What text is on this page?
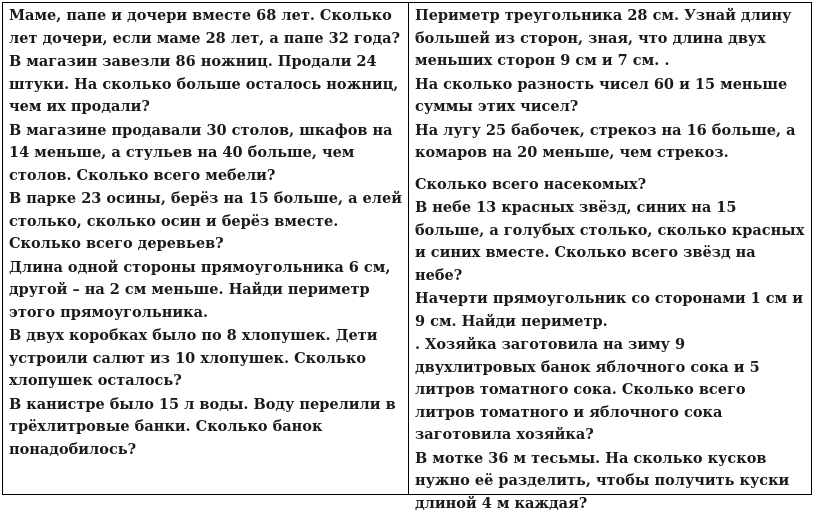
Маме, папе и дочери вместе 68 лет. Сколько лет дочери, если маме 28 лет, а папе 32 года?
В магазин завезли 86 ножниц. Продали 24 штуки. На сколько больше осталось ножниц, чем их продали?
В магазине продавали 30 столов, шкафов на 14 меньше, а стульев на 40 больше, чем столов. Сколько всего мебели?
В парке 23 осины, берёз на 15 больше, а елей столько, сколько осин и берёз вместе. Сколько всего деревьев?
Длина одной стороны прямоугольника 6 см, другой – на 2 см меньше. Найди периметр этого прямоугольника.
В двух коробках было по 8 хлопушек. Дети устроили салют из 10 хлопушек. Сколько хлопушек осталось?
В канистре было 15 л воды. Воду перелили в трёхлитровые банки. Сколько банок понадобилось?
Периметр треугольника 28 см. Узнай длину большей из сторон, зная, что длина двух меньших сторон 9 см и 7 см. .
На сколько разность чисел 60 и 15 меньше суммы этих чисел?
На лугу 25 бабочек, стрекоз на 16 больше, а комаров на 20 меньше, чем стрекоз.
Сколько всего насекомых?
В небе 13 красных звёзд, синих на 15 больше, а голубых столько, сколько красных и синих вместе. Сколько всего звёзд на небе?
Начерти прямоугольник со сторонами 1 см и 9 см. Найди периметр.
. Хозяйка заготовила на зиму 9 двухлитровых банок яблочного сока и 5 литров томатного сока. Сколько всего литров томатного и яблочного сока заготовила хозяйка?
В мотке 36 м тесьмы. На сколько кусков нужно её разделить, чтобы получить куски длиной 4 м каждая?
